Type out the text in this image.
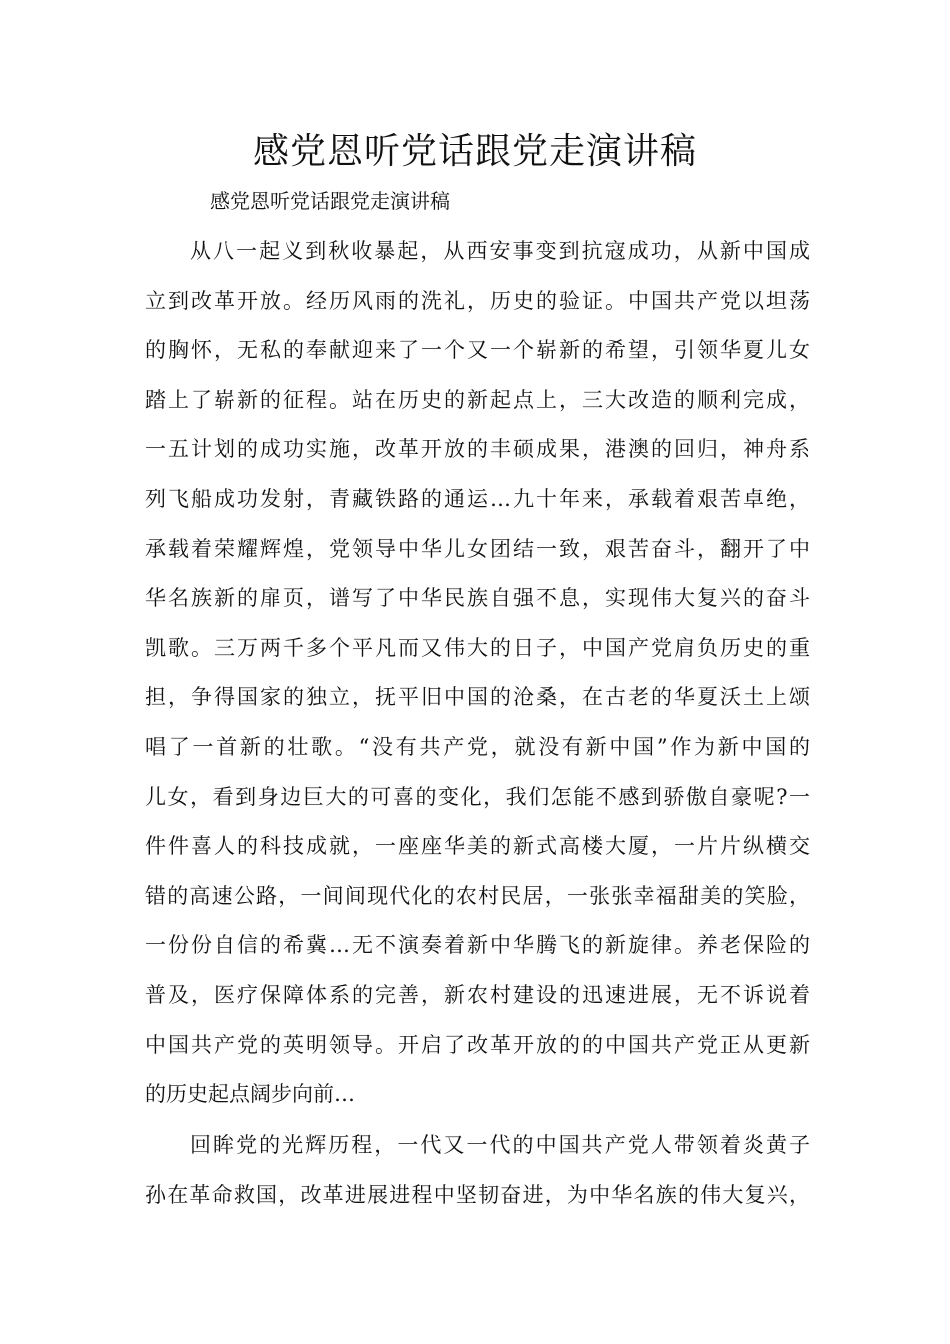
感党恩听党话跟党走演讲稿

感党恩听党话跟党走演讲稿

从八一起义到秋收暴起，从西安事变到抗寇成功，从新中国成
立到改革开放。经历风雨的洗礼，历史的验证。中国共产党以坦荡
的胸怀，无私的奉献迎来了一个又一个崭新的希望，引领华夏儿女
踏上了崭新的征程。站在历史的新起点上，三大改造的顺利完成，
一五计划的成功实施，改革开放的丰硕成果，港澳的回归，神舟系
列飞船成功发射，青藏铁路的通运…九十年来，承载着艰苦卓绝，
承载着荣耀辉煌，党领导中华儿女团结一致，艰苦奋斗，翻开了中
华名族新的扉页，谱写了中华民族自强不息，实现伟大复兴的奋斗
凯歌。三万两千多个平凡而又伟大的日子，中国产党肩负历史的重
担，争得国家的独立，抚平旧中国的沧桑，在古老的华夏沃土上颂
唱了一首新的壮歌。“没有共产党，就没有新中国”作为新中国的
儿女，看到身边巨大的可喜的变化，我们怎能不感到骄傲自豪呢?一
件件喜人的科技成就，一座座华美的新式高楼大厦，一片片纵横交
错的高速公路，一间间现代化的农村民居，一张张幸福甜美的笑脸，
一份份自信的希冀…无不演奏着新中华腾飞的新旋律。养老保险的
普及，医疗保障体系的完善，新农村建设的迅速进展，无不诉说着
中国共产党的英明领导。开启了改革开放的的中国共产党正从更新
的历史起点阔步向前…
回眸党的光辉历程，一代又一代的中国共产党人带领着炎黄子
孙在革命救国，改革进展进程中坚韧奋进，为中华名族的伟大复兴，
